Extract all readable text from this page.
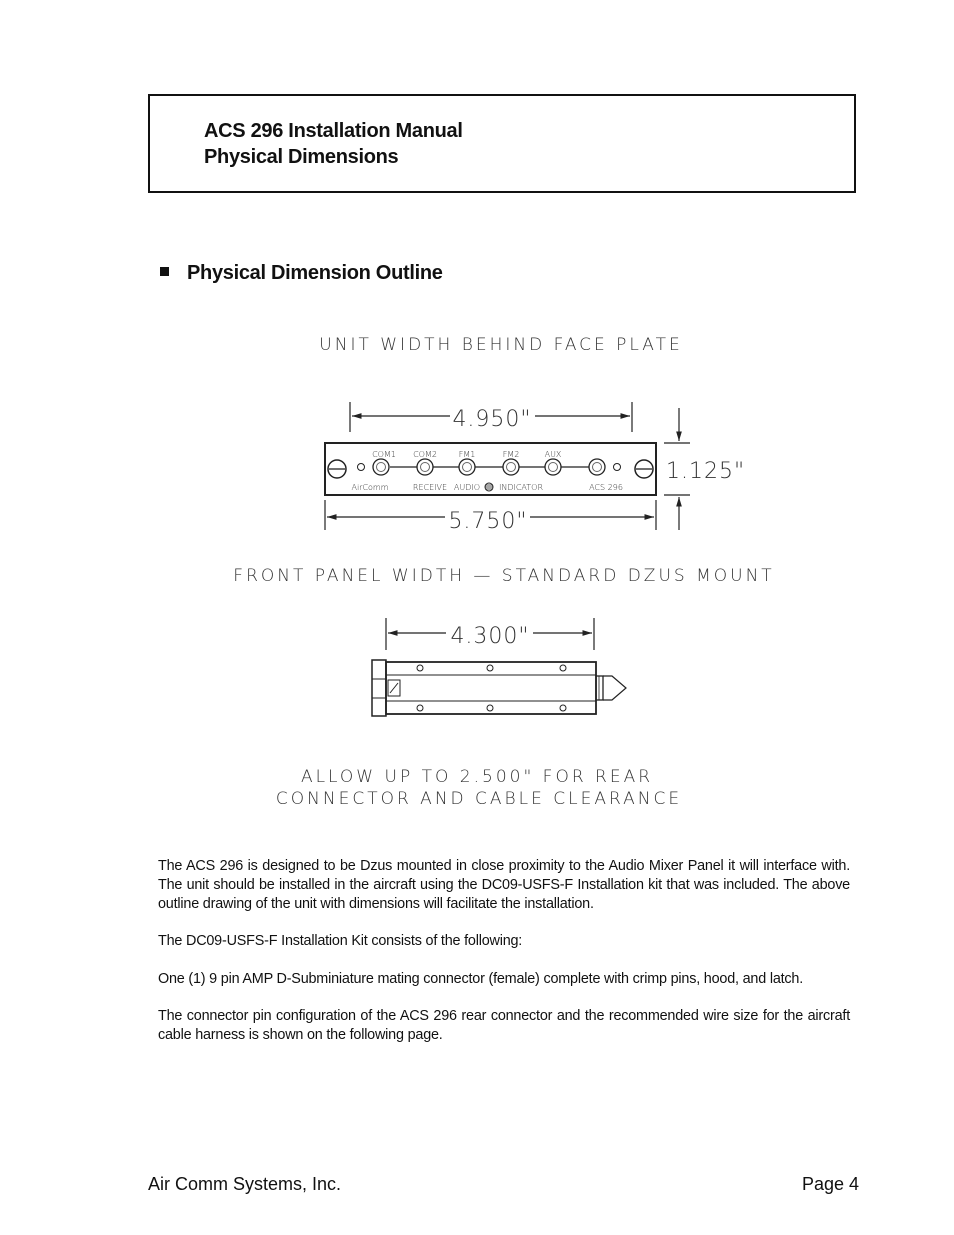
ACS 296 Installation Manual
Physical Dimensions
Physical Dimension Outline
UNIT WIDTH BEHIND FACE PLATE
4.950"
COM1 COM2	FM1	FM2	AUX
AirComm	RECEIVE AUDIO INDICATOR	ACS 296
1.125"
5.750"
FRONT PANEL WIDTH — STANDARD DZUS MOUNT
4.300"
ALLOW UP TO 2.500" FOR REAR
CONNECTOR AND CABLE CLEARANCE

The ACS 296 is designed to be Dzus mounted in close proximity to the Audio Mixer Panel it will interface with. The unit should be installed in the aircraft using the DC09-USFS-F Installation kit that was included. The above outline drawing of the unit with dimensions will facilitate the installation.

The DC09-USFS-F Installation Kit consists of the following:

One (1) 9 pin AMP D-Subminiature mating connector (female) complete with crimp pins, hood, and latch.

The connector pin configuration of the ACS 296 rear connector and the recommended wire size for the aircraft cable harness is shown on the following page.

Air Comm Systems, Inc.	Page 4
